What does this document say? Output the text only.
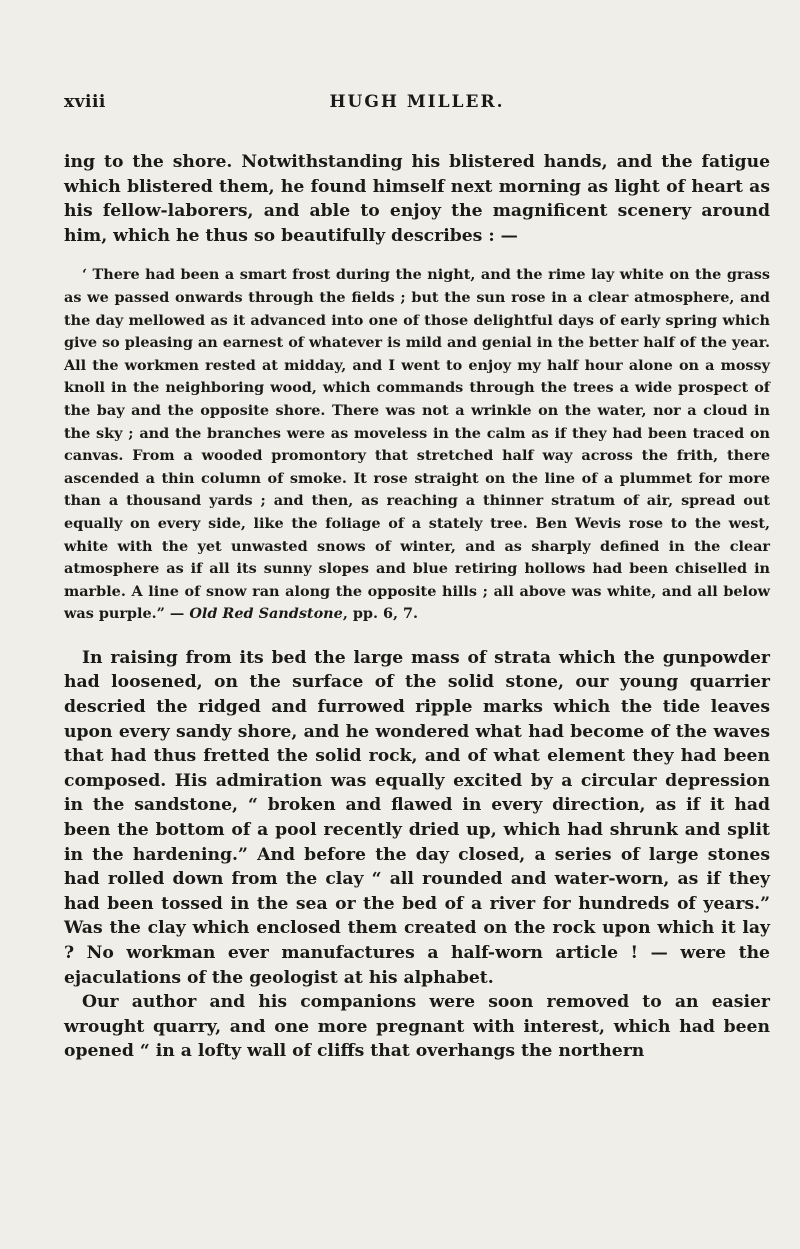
xviii	HUGH MILLER.

ing to the shore. Notwithstanding his blistered hands, and the fatigue which blistered them, he found himself next morning as light of heart as his fellow-laborers, and able to enjoy the magnificent scenery around him, which he thus so beautifully describes : —

‘ There had been a smart frost during the night, and the rime lay white on the grass as we passed onwards through the fields ; but the sun rose in a clear atmosphere, and the day mellowed as it advanced into one of those delightful days of early spring which give so pleasing an earnest of whatever is mild and genial in the better half of the year. All the workmen rested at midday, and I went to enjoy my half hour alone on a mossy knoll in the neighboring wood, which commands through the trees a wide prospect of the bay and the opposite shore. There was not a wrinkle on the water, nor a cloud in the sky ; and the branches were as moveless in the calm as if they had been traced on canvas. From a wooded promontory that stretched half way across the frith, there ascended a thin column of smoke. It rose straight on the line of a plummet for more than a thousand yards ; and then, as reaching a thinner stratum of air, spread out equally on every side, like the foliage of a stately tree. Ben Wevis rose to the west, white with the yet unwasted snows of winter, and as sharply defined in the clear atmosphere as if all its sunny slopes and blue retiring hollows had been chiselled in marble. A line of snow ran along the opposite hills ; all above was white, and all below was purple.” — Old Red Sandstone, pp. 6, 7.

In raising from its bed the large mass of strata which the gunpowder had loosened, on the surface of the solid stone, our young quarrier descried the ridged and furrowed ripple marks which the tide leaves upon every sandy shore, and he wondered what had become of the waves that had thus fretted the solid rock, and of what element they had been composed. His admiration was equally excited by a circular depression in the sandstone, “ broken and flawed in every direction, as if it had been the bottom of a pool recently dried up, which had shrunk and split in the hardening.” And before the day closed, a series of large stones had rolled down from the clay “ all rounded and water-worn, as if they had been tossed in the sea or the bed of a river for hundreds of years.” Was the clay which enclosed them created on the rock upon which it lay ? No workman ever manufactures a half-worn article ! — were the ejaculations of the geologist at his alphabet.

Our author and his companions were soon removed to an easier wrought quarry, and one more pregnant with interest, which had been opened “ in a lofty wall of cliffs that overhangs the northern
